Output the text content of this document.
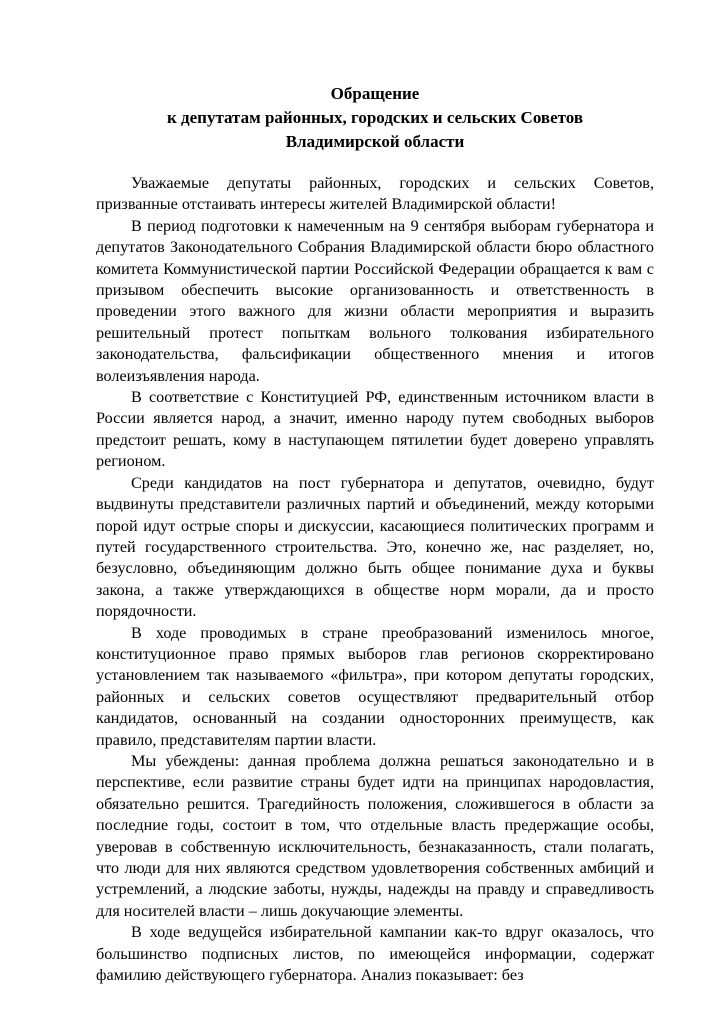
Обращение
к депутатам районных, городских и сельских Советов
Владимирской области

Уважаемые депутаты районных, городских и сельских Советов, призванные отстаивать интересы жителей Владимирской области!

В период подготовки к намеченным на 9 сентября выборам губернатора и депутатов Законодательного Собрания Владимирской области бюро областного комитета Коммунистической партии Российской Федерации обращается к вам с призывом обеспечить высокие организованность и ответственность в проведении этого важного для жизни области мероприятия и выразить решительный протест попыткам вольного толкования избирательного законодательства, фальсификации общественного мнения и итогов волеизъявления народа.

В соответствие с Конституцией РФ, единственным источником власти в России является народ, а значит, именно народу путем свободных выборов предстоит решать, кому в наступающем пятилетии будет доверено управлять регионом.

Среди кандидатов на пост губернатора и депутатов, очевидно, будут выдвинуты представители различных партий и объединений, между которыми порой идут острые споры и дискуссии, касающиеся политических программ и путей государственного строительства. Это, конечно же, нас разделяет, но, безусловно, объединяющим должно быть общее понимание духа и буквы закона, а также утверждающихся в обществе норм морали, да и просто порядочности.

В ходе проводимых в стране преобразований изменилось многое, конституционное право прямых выборов глав регионов скорректировано установлением так называемого «фильтра», при котором депутаты городских, районных и сельских советов осуществляют предварительный отбор кандидатов, основанный на создании односторонних преимуществ, как правило, представителям партии власти.

Мы убеждены: данная проблема должна решаться законодательно и в перспективе, если развитие страны будет идти на принципах народовластия, обязательно решится. Трагедийность положения, сложившегося в области за последние годы, состоит в том, что отдельные власть предержащие особы, уверовав в собственную исключительность, безнаказанность, стали полагать, что люди для них являются средством удовлетворения собственных амбиций и устремлений, а людские заботы, нужды, надежды на правду и справедливость для носителей власти – лишь докучающие элементы.

В ходе ведущейся избирательной кампании как-то вдруг оказалось, что большинство подписных листов, по имеющейся информации, содержат фамилию действующего губернатора. Анализ показывает: без
